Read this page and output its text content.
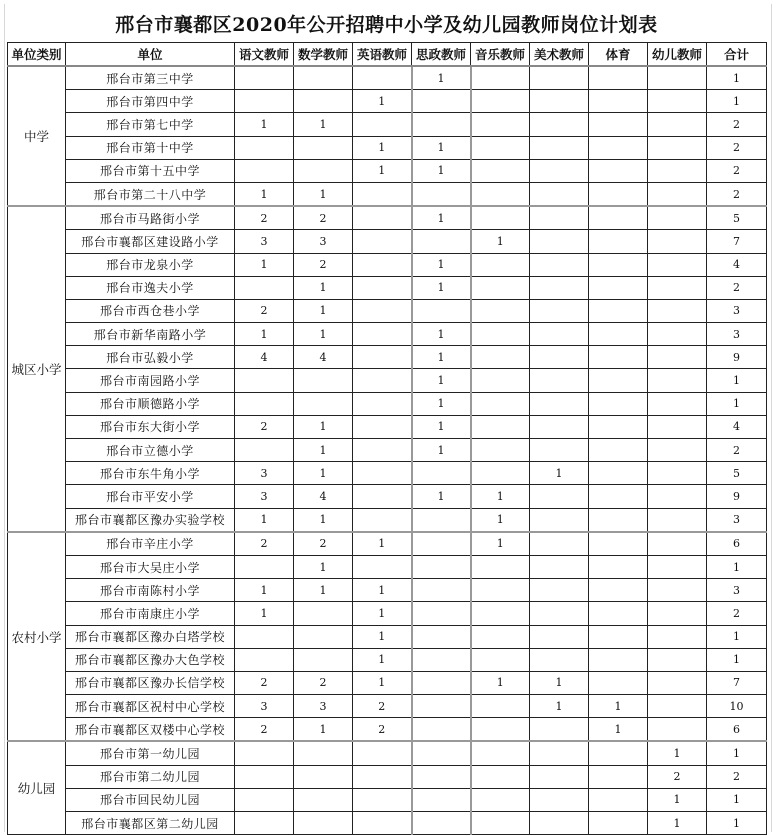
邢台市襄都区2020年公开招聘中小学及幼儿园教师岗位计划表
单位类别	单位	语文教师	数学教师	英语教师	思政教师	音乐教师	美术教师	体育	幼儿教师	合计
中学	邢台市第三中学				1					1
	邢台市第四中学			1						1
	邢台市第七中学	1	1							2
	邢台市第十中学			1	1					2
	邢台市第十五中学			1	1					2
	邢台市第二十八中学	1	1							2
城区小学	邢台市马路街小学	2	2		1					5
	邢台市襄都区建设路小学	3	3			1				7
	邢台市龙泉小学	1	2		1					4
	邢台市逸夫小学		1		1					2
	邢台市西仓巷小学	2	1							3
	邢台市新华南路小学	1	1		1					3
	邢台市弘毅小学	4	4		1					9
	邢台市南园路小学				1					1
	邢台市顺德路小学				1					1
	邢台市东大街小学	2	1		1					4
	邢台市立德小学		1		1					2
	邢台市东牛角小学	3	1				1			5
	邢台市平安小学	3	4		1	1				9
	邢台市襄都区豫办实验学校	1	1			1				3
农村小学	邢台市辛庄小学	2	2	1		1				6
	邢台市大吴庄小学		1							1
	邢台市南陈村小学	1	1	1						3
	邢台市南康庄小学	1		1						2
	邢台市襄都区豫办白塔学校			1						1
	邢台市襄都区豫办大色学校			1						1
	邢台市襄都区豫办长信学校	2	2	1		1	1			7
	邢台市襄都区祝村中心学校	3	3	2			1	1		10
	邢台市襄都区双楼中心学校	2	1	2				1		6
幼儿园	邢台市第一幼儿园								1	1
	邢台市第二幼儿园								2	2
	邢台市回民幼儿园								1	1
	邢台市襄都区第二幼儿园								1	1
